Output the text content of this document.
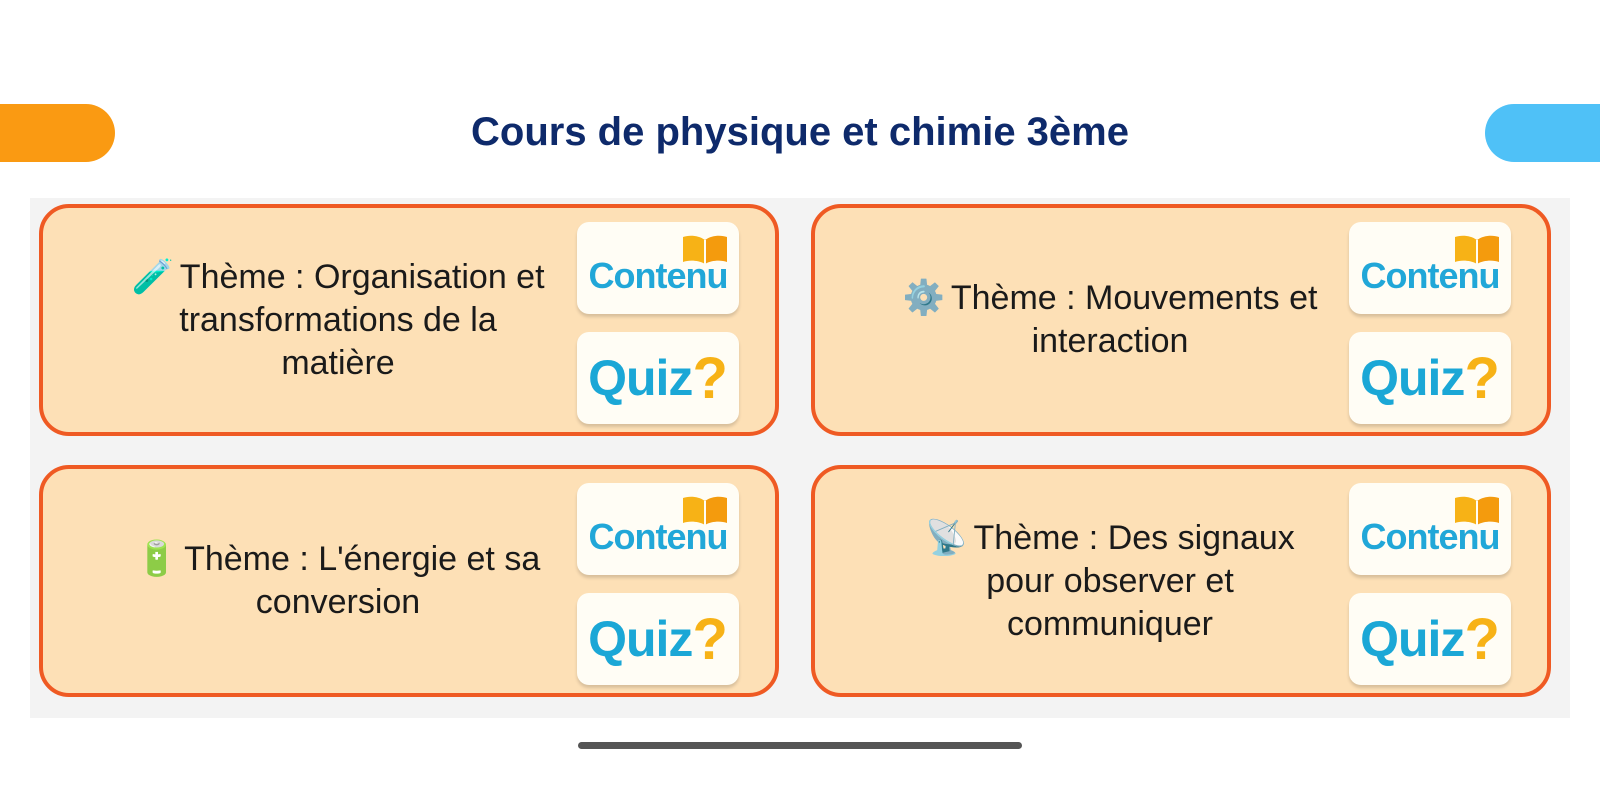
Cours de physique et chimie 3ème
🧪 Thème : Organisation et transformations de la matière
Contenu
Quiz ?
⚙️ Thème : Mouvements et interaction
Contenu
Quiz ?
🔋 Thème : L'énergie et sa conversion
Contenu
Quiz ?
📡 Thème : Des signaux pour observer et communiquer
Contenu
Quiz ?
